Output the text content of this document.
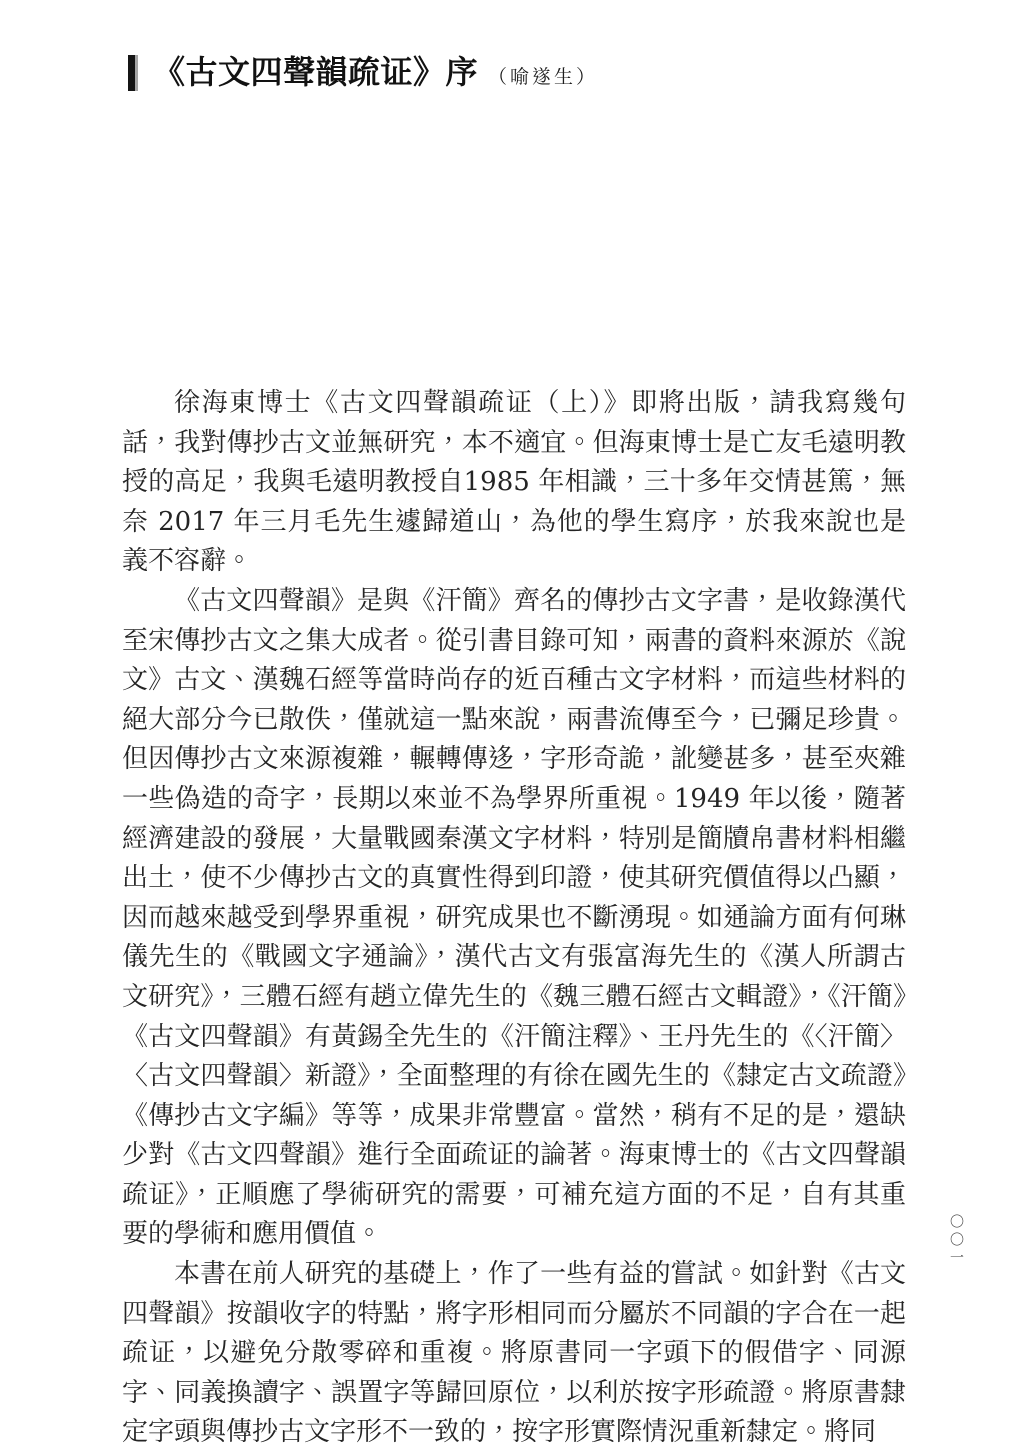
《古文四聲韻疏证》序 （喻遂生）

徐海東博士《古文四聲韻疏证（上）》即將出版，請我寫幾句話，我對傳抄古文並無研究，本不適宜。但海東博士是亡友毛遠明教授的高足，我與毛遠明教授自1985 年相識，三十多年交情甚篤，無奈 2017 年三月毛先生遽歸道山，為他的學生寫序，於我來說也是義不容辭。

《古文四聲韻》是與《汗簡》齊名的傳抄古文字書，是收錄漢代至宋傳抄古文之集大成者。從引書目錄可知，兩書的資料來源於《說文》古文、漢魏石經等當時尚存的近百種古文字材料，而這些材料的絕大部分今已散佚，僅就這一點來說，兩書流傳至今，已彌足珍貴。但因傳抄古文來源複雜，輾轉傳迻，字形奇詭，訛變甚多，甚至夾雜一些偽造的奇字，長期以來並不為學界所重視。1949 年以後，隨著經濟建設的發展，大量戰國秦漢文字材料，特別是簡牘帛書材料相繼出土，使不少傳抄古文的真實性得到印證，使其研究價值得以凸顯，因而越來越受到學界重視，研究成果也不斷湧現。如通論方面有何琳儀先生的《戰國文字通論》，漢代古文有張富海先生的《漢人所謂古文研究》，三體石經有趙立偉先生的《魏三體石經古文輯證》，《汗簡》《古文四聲韻》有黃錫全先生的《汗簡注釋》、王丹先生的《〈汗簡〉〈古文四聲韻〉新證》，全面整理的有徐在國先生的《隸定古文疏證》《傳抄古文字編》等等，成果非常豐富。當然，稍有不足的是，還缺少對《古文四聲韻》進行全面疏证的論著。海東博士的《古文四聲韻疏证》，正順應了學術研究的需要，可補充這方面的不足，自有其重要的學術和應用價值。

本書在前人研究的基礎上，作了一些有益的嘗試。如針對《古文四聲韻》按韻收字的特點，將字形相同而分屬於不同韻的字合在一起疏证，以避免分散零碎和重複。將原書同一字頭下的假借字、同源字、同義換讀字、誤置字等歸回原位，以利於按字形疏證。將原書隸定字頭與傳抄古文字形不一致的，按字形實際情況重新隸定。將同

〇〇一
